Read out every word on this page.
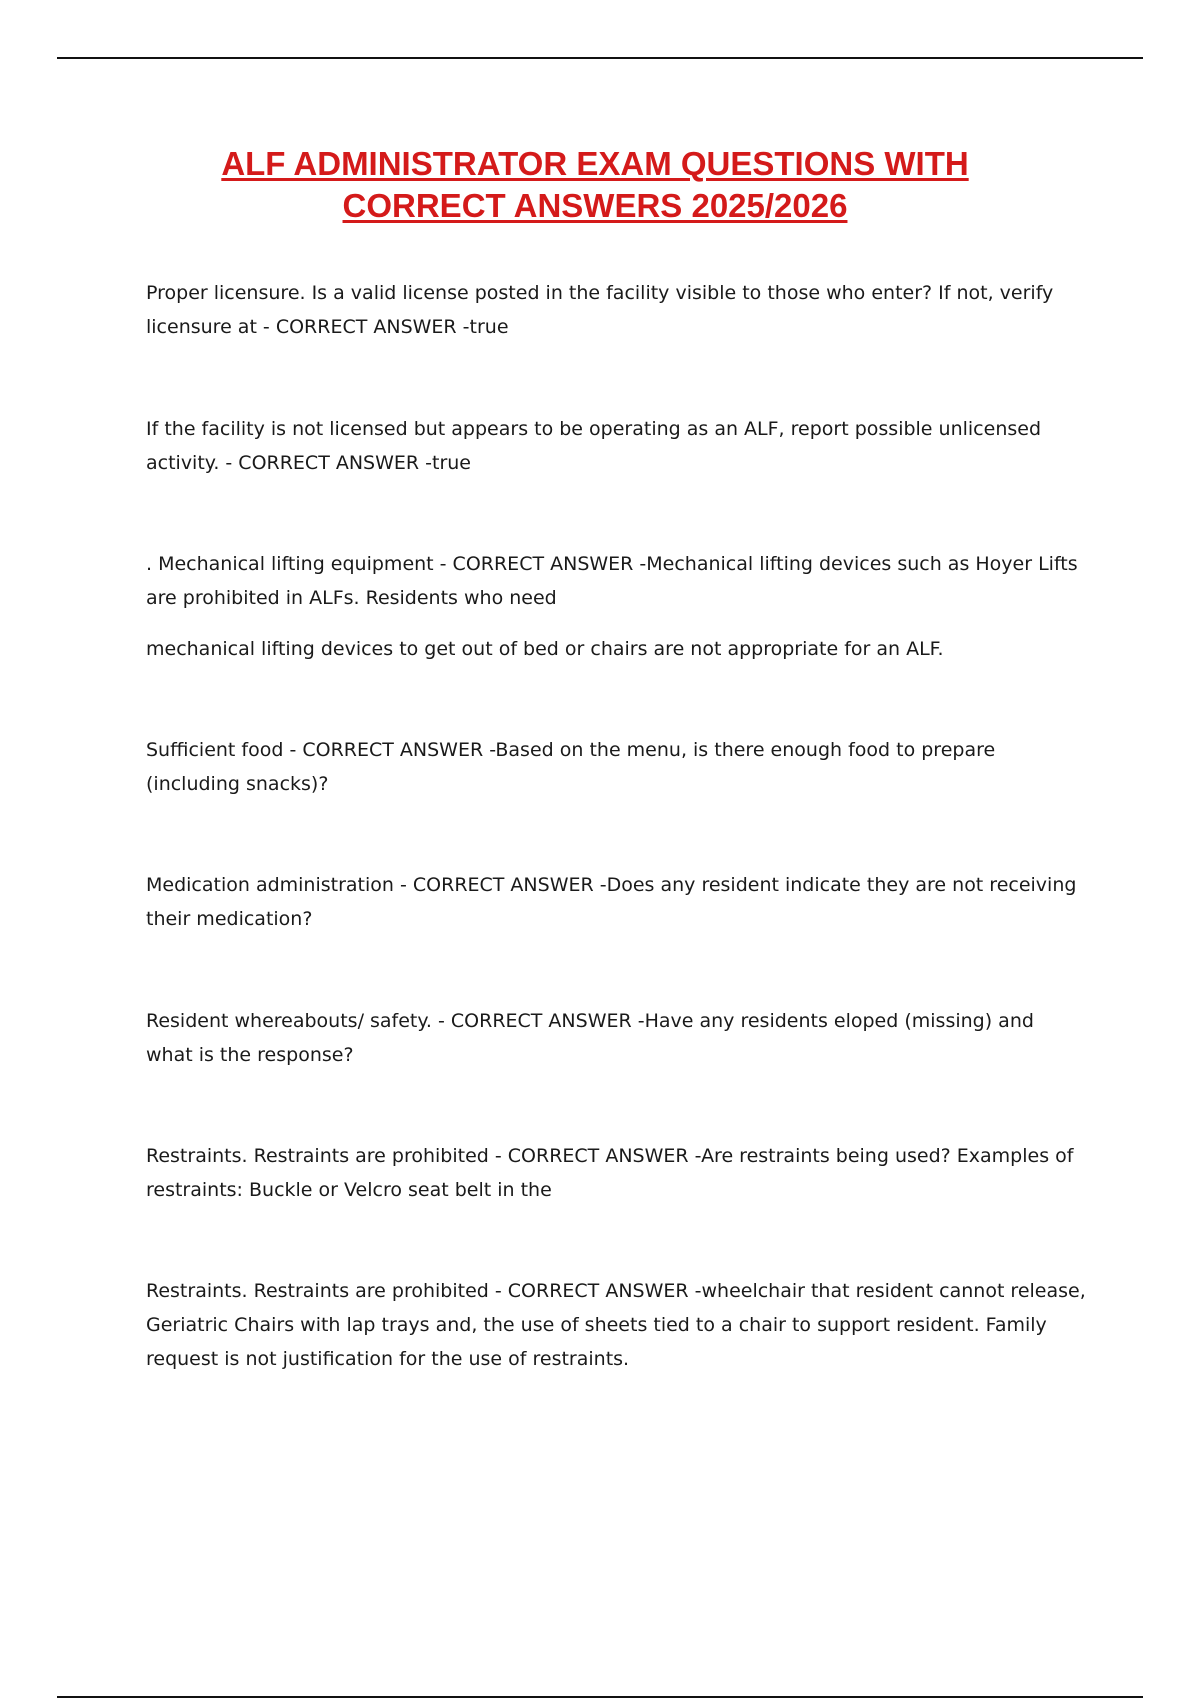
ALF ADMINISTRATOR EXAM QUESTIONS WITH
CORRECT ANSWERS 2025/2026

Proper licensure. Is a valid license posted in the facility visible to those who enter? If not, verify licensure at - CORRECT ANSWER -true

If the facility is not licensed but appears to be operating as an ALF, report possible unlicensed activity. - CORRECT ANSWER -true

. Mechanical lifting equipment - CORRECT ANSWER -Mechanical lifting devices such as Hoyer Lifts are prohibited in ALFs. Residents who need

mechanical lifting devices to get out of bed or chairs are not appropriate for an ALF.

Sufficient food - CORRECT ANSWER -Based on the menu, is there enough food to prepare (including snacks)?

Medication administration - CORRECT ANSWER -Does any resident indicate they are not receiving their medication?

Resident whereabouts/ safety. - CORRECT ANSWER -Have any residents eloped (missing) and what is the response?

Restraints. Restraints are prohibited - CORRECT ANSWER -Are restraints being used? Examples of restraints: Buckle or Velcro seat belt in the

Restraints. Restraints are prohibited - CORRECT ANSWER -wheelchair that resident cannot release, Geriatric Chairs with lap trays and, the use of sheets tied to a chair to support resident. Family request is not justification for the use of restraints.
